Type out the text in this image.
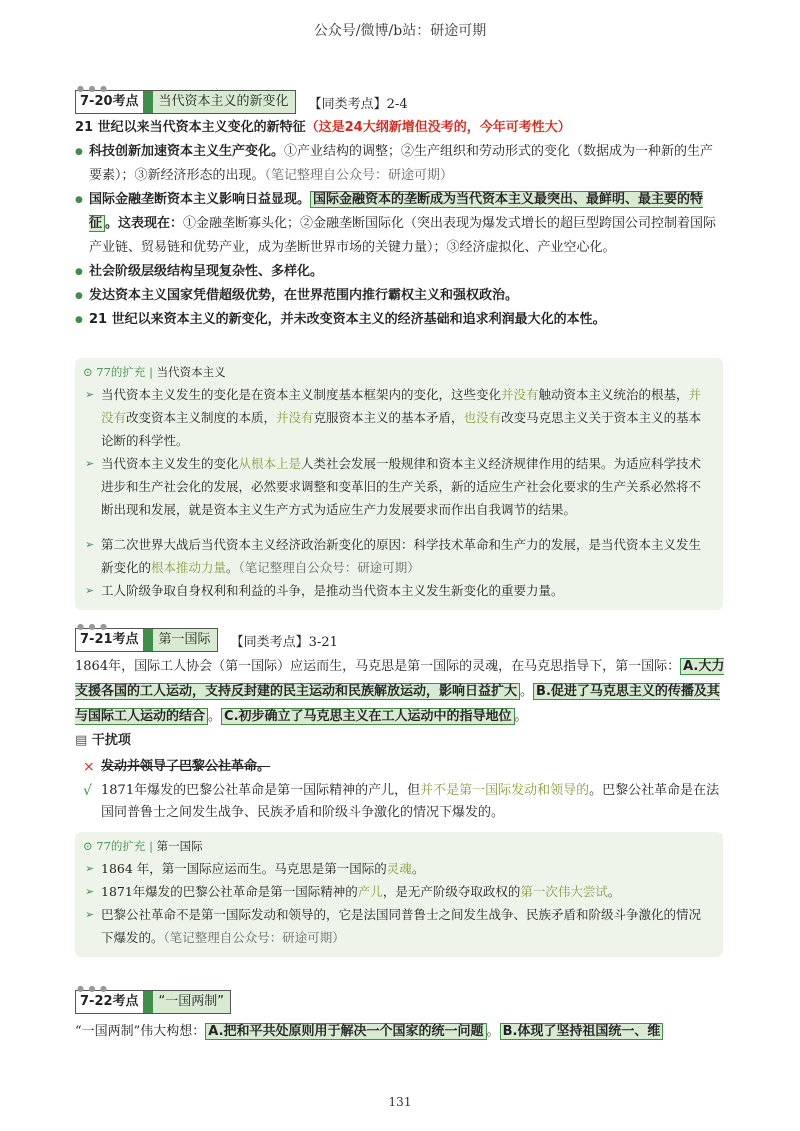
公众号/微博/b站：研途可期
● ● ●
7-20考点	当代资本主义的新变化	【同类考点】2-4

21 世纪以来当代资本主义变化的新特征（这是24大纲新增但没考的，今年可考性大）

● 科技创新加速资本主义生产变化。①产业结构的调整；②生产组织和劳动形式的变化（数据成为一种新的生产要素）；③新经济形态的出现。（笔记整理自公众号：研途可期）
● 国际金融垄断资本主义影响日益显现。 国际金融资本的垄断成为当代资本主义最突出、最鲜明、最主要的特征 。这表现在：①金融垄断寡头化；②金融垄断国际化（突出表现为爆发式增长的超巨型跨国公司控制着国际产业链、贸易链和优势产业，成为垄断世界市场的关键力量）；③经济虚拟化、产业空心化。
● 社会阶级层级结构呈现复杂性、多样化。
● 发达资本主义国家凭借超级优势，在世界范围内推行霸权主义和强权政治。
● 21 世纪以来资本主义的新变化，并未改变资本主义的经济基础和追求利润最大化的本性。
⊙ 77的扩充 | 当代资本主义
➢ 当代资本主义发生的变化是在资本主义制度基本框架内的变化，这些变化并没有触动资本主义统治的根基，并没有改变资本主义制度的本质，并没有克服资本主义的基本矛盾，也没有改变马克思主义关于资本主义的基本论断的科学性。
➢ 当代资本主义发生的变化从根本上是人类社会发展一般规律和资本主义经济规律作用的结果。为适应科学技术进步和生产社会化的发展，必然要求调整和变革旧的生产关系，新的适应生产社会化要求的生产关系必然将不断出现和发展，就是资本主义生产方式为适应生产力发展要求而作出自我调节的结果。
➢ 第二次世界大战后当代资本主义经济政治新变化的原因：科学技术革命和生产力的发展，是当代资本主义发生新变化的根本推动力量。（笔记整理自公众号：研途可期）
➢ 工人阶级争取自身权利和利益的斗争，是推动当代资本主义发生新变化的重要力量。
● ● ●
7-21考点	第一国际	【同类考点】3-21
1864年，国际工人协会（第一国际）应运而生，马克思是第一国际的灵魂，在马克思指导下，第一国际： A.大力支援各国的工人运动，支持反封建的民主运动和民族解放运动，影响日益扩大 。 B.促进了马克思主义的传播及其与国际工人运动的结合 。 C.初步确立了马克思主义在工人运动中的指导地位 。
▤ 干扰项
× 发动并领导了巴黎公社革命。
√ 1871年爆发的巴黎公社革命是第一国际精神的产儿，但并不是第一国际发动和领导的。巴黎公社革命是在法国同普鲁士之间发生战争、民族矛盾和阶级斗争激化的情况下爆发的。
⊙ 77的扩充 | 第一国际
➢ 1864 年，第一国际应运而生。马克思是第一国际的灵魂。
➢ 1871年爆发的巴黎公社革命是第一国际精神的产儿，是无产阶级夺取政权的第一次伟大尝试。
➢ 巴黎公社革命不是第一国际发动和领导的，它是法国同普鲁士之间发生战争、民族矛盾和阶级斗争激化的情况下爆发的。（笔记整理自公众号：研途可期）
● ● ●
7-22考点	“一国两制”
“一国两制”伟大构想： A.把和平共处原则用于解决一个国家的统一问题 。 B.体现了坚持祖国统一、维
131
